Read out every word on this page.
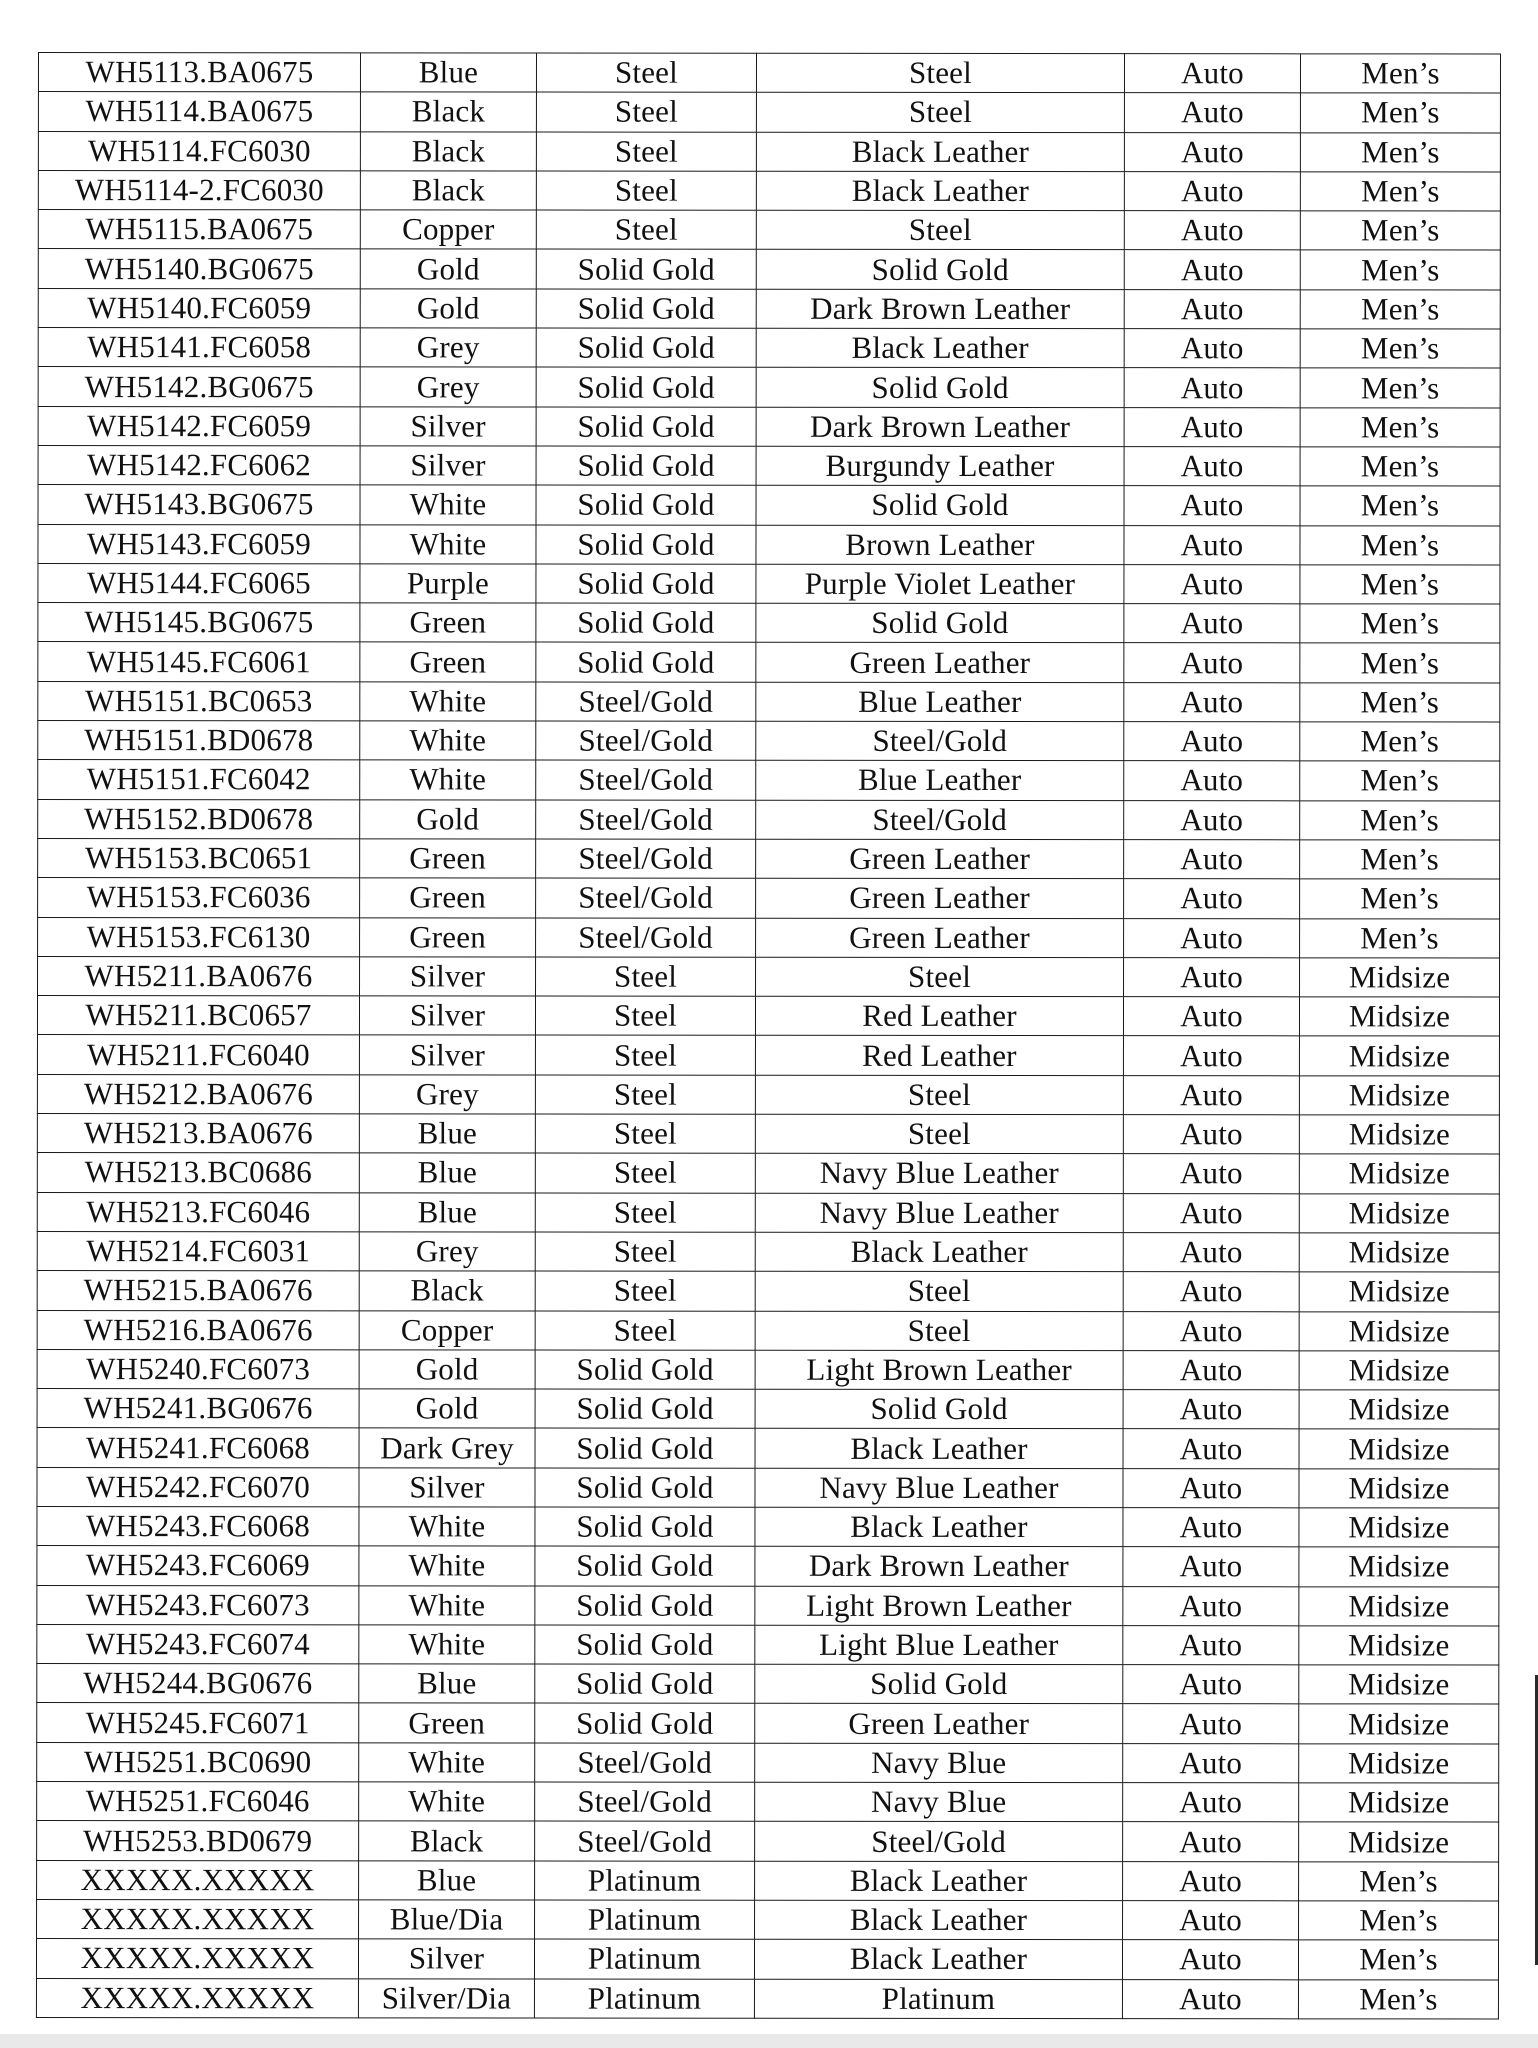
WH5113.BA0675	Blue	Steel	Steel	Auto	Men’s
WH5114.BA0675	Black	Steel	Steel	Auto	Men’s
WH5114.FC6030	Black	Steel	Black Leather	Auto	Men’s
WH5114-2.FC6030	Black	Steel	Black Leather	Auto	Men’s
WH5115.BA0675	Copper	Steel	Steel	Auto	Men’s
WH5140.BG0675	Gold	Solid Gold	Solid Gold	Auto	Men’s
WH5140.FC6059	Gold	Solid Gold	Dark Brown Leather	Auto	Men’s
WH5141.FC6058	Grey	Solid Gold	Black Leather	Auto	Men’s
WH5142.BG0675	Grey	Solid Gold	Solid Gold	Auto	Men’s
WH5142.FC6059	Silver	Solid Gold	Dark Brown Leather	Auto	Men’s
WH5142.FC6062	Silver	Solid Gold	Burgundy Leather	Auto	Men’s
WH5143.BG0675	White	Solid Gold	Solid Gold	Auto	Men’s
WH5143.FC6059	White	Solid Gold	Brown Leather	Auto	Men’s
WH5144.FC6065	Purple	Solid Gold	Purple Violet Leather	Auto	Men’s
WH5145.BG0675	Green	Solid Gold	Solid Gold	Auto	Men’s
WH5145.FC6061	Green	Solid Gold	Green Leather	Auto	Men’s
WH5151.BC0653	White	Steel/Gold	Blue Leather	Auto	Men’s
WH5151.BD0678	White	Steel/Gold	Steel/Gold	Auto	Men’s
WH5151.FC6042	White	Steel/Gold	Blue Leather	Auto	Men’s
WH5152.BD0678	Gold	Steel/Gold	Steel/Gold	Auto	Men’s
WH5153.BC0651	Green	Steel/Gold	Green Leather	Auto	Men’s
WH5153.FC6036	Green	Steel/Gold	Green Leather	Auto	Men’s
WH5153.FC6130	Green	Steel/Gold	Green Leather	Auto	Men’s
WH5211.BA0676	Silver	Steel	Steel	Auto	Midsize
WH5211.BC0657	Silver	Steel	Red Leather	Auto	Midsize
WH5211.FC6040	Silver	Steel	Red Leather	Auto	Midsize
WH5212.BA0676	Grey	Steel	Steel	Auto	Midsize
WH5213.BA0676	Blue	Steel	Steel	Auto	Midsize
WH5213.BC0686	Blue	Steel	Navy Blue Leather	Auto	Midsize
WH5213.FC6046	Blue	Steel	Navy Blue Leather	Auto	Midsize
WH5214.FC6031	Grey	Steel	Black Leather	Auto	Midsize
WH5215.BA0676	Black	Steel	Steel	Auto	Midsize
WH5216.BA0676	Copper	Steel	Steel	Auto	Midsize
WH5240.FC6073	Gold	Solid Gold	Light Brown Leather	Auto	Midsize
WH5241.BG0676	Gold	Solid Gold	Solid Gold	Auto	Midsize
WH5241.FC6068	Dark Grey	Solid Gold	Black Leather	Auto	Midsize
WH5242.FC6070	Silver	Solid Gold	Navy Blue Leather	Auto	Midsize
WH5243.FC6068	White	Solid Gold	Black Leather	Auto	Midsize
WH5243.FC6069	White	Solid Gold	Dark Brown Leather	Auto	Midsize
WH5243.FC6073	White	Solid Gold	Light Brown Leather	Auto	Midsize
WH5243.FC6074	White	Solid Gold	Light Blue Leather	Auto	Midsize
WH5244.BG0676	Blue	Solid Gold	Solid Gold	Auto	Midsize
WH5245.FC6071	Green	Solid Gold	Green Leather	Auto	Midsize
WH5251.BC0690	White	Steel/Gold	Navy Blue	Auto	Midsize
WH5251.FC6046	White	Steel/Gold	Navy Blue	Auto	Midsize
WH5253.BD0679	Black	Steel/Gold	Steel/Gold	Auto	Midsize
XXXXX.XXXXX	Blue	Platinum	Black Leather	Auto	Men’s
XXXXX.XXXXX	Blue/Dia	Platinum	Black Leather	Auto	Men’s
XXXXX.XXXXX	Silver	Platinum	Black Leather	Auto	Men’s
XXXXX.XXXXX	Silver/Dia	Platinum	Platinum	Auto	Men’s
